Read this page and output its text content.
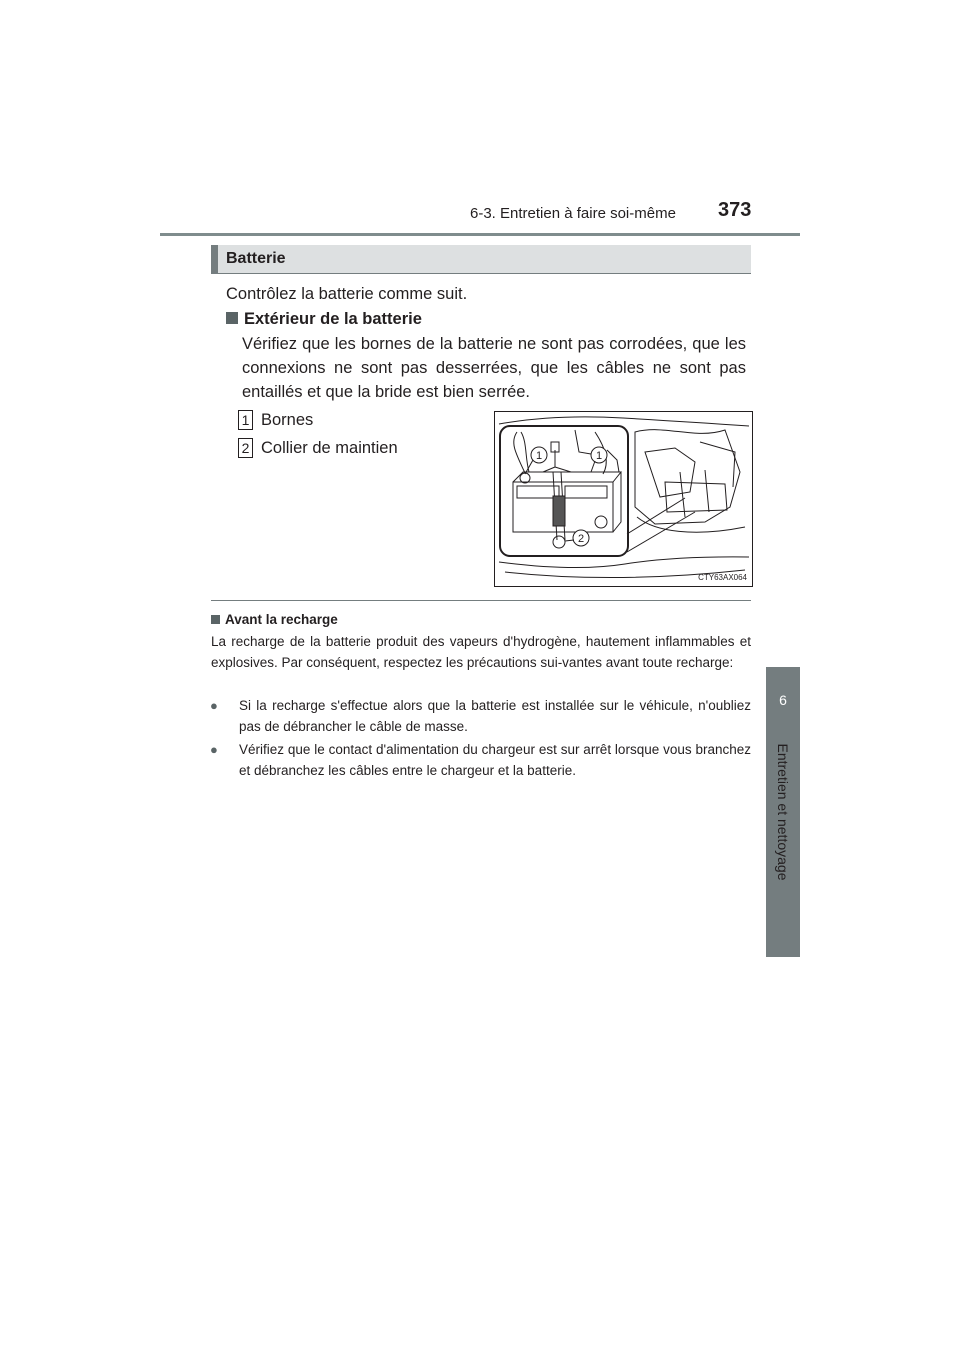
6-3. Entretien à faire soi-même 373
6
Entretien et nettoyage
Batterie
Contrôlez la batterie comme suit.
Extérieur de la batterie
Vérifiez que les bornes de la batterie ne sont pas corrodées, que les connexions ne sont pas desserrées, que les câbles ne sont pas entaillés et que la bride est bien serrée.
1 Bornes
2 Collier de maintien	1	1
2
CTY63AX064
Avant la recharge
La recharge de la batterie produit des vapeurs d'hydrogène, hautement inflammables et explosives. Par conséquent, respectez les précautions sui-vantes avant toute recharge:
●	Si la recharge s'effectue alors que la batterie est installée sur le véhicule, n'oubliez pas de débrancher le câble de masse.
●	Vérifiez que le contact d'alimentation du chargeur est sur arrêt lorsque vous branchez et débranchez les câbles entre le chargeur et la batterie.
